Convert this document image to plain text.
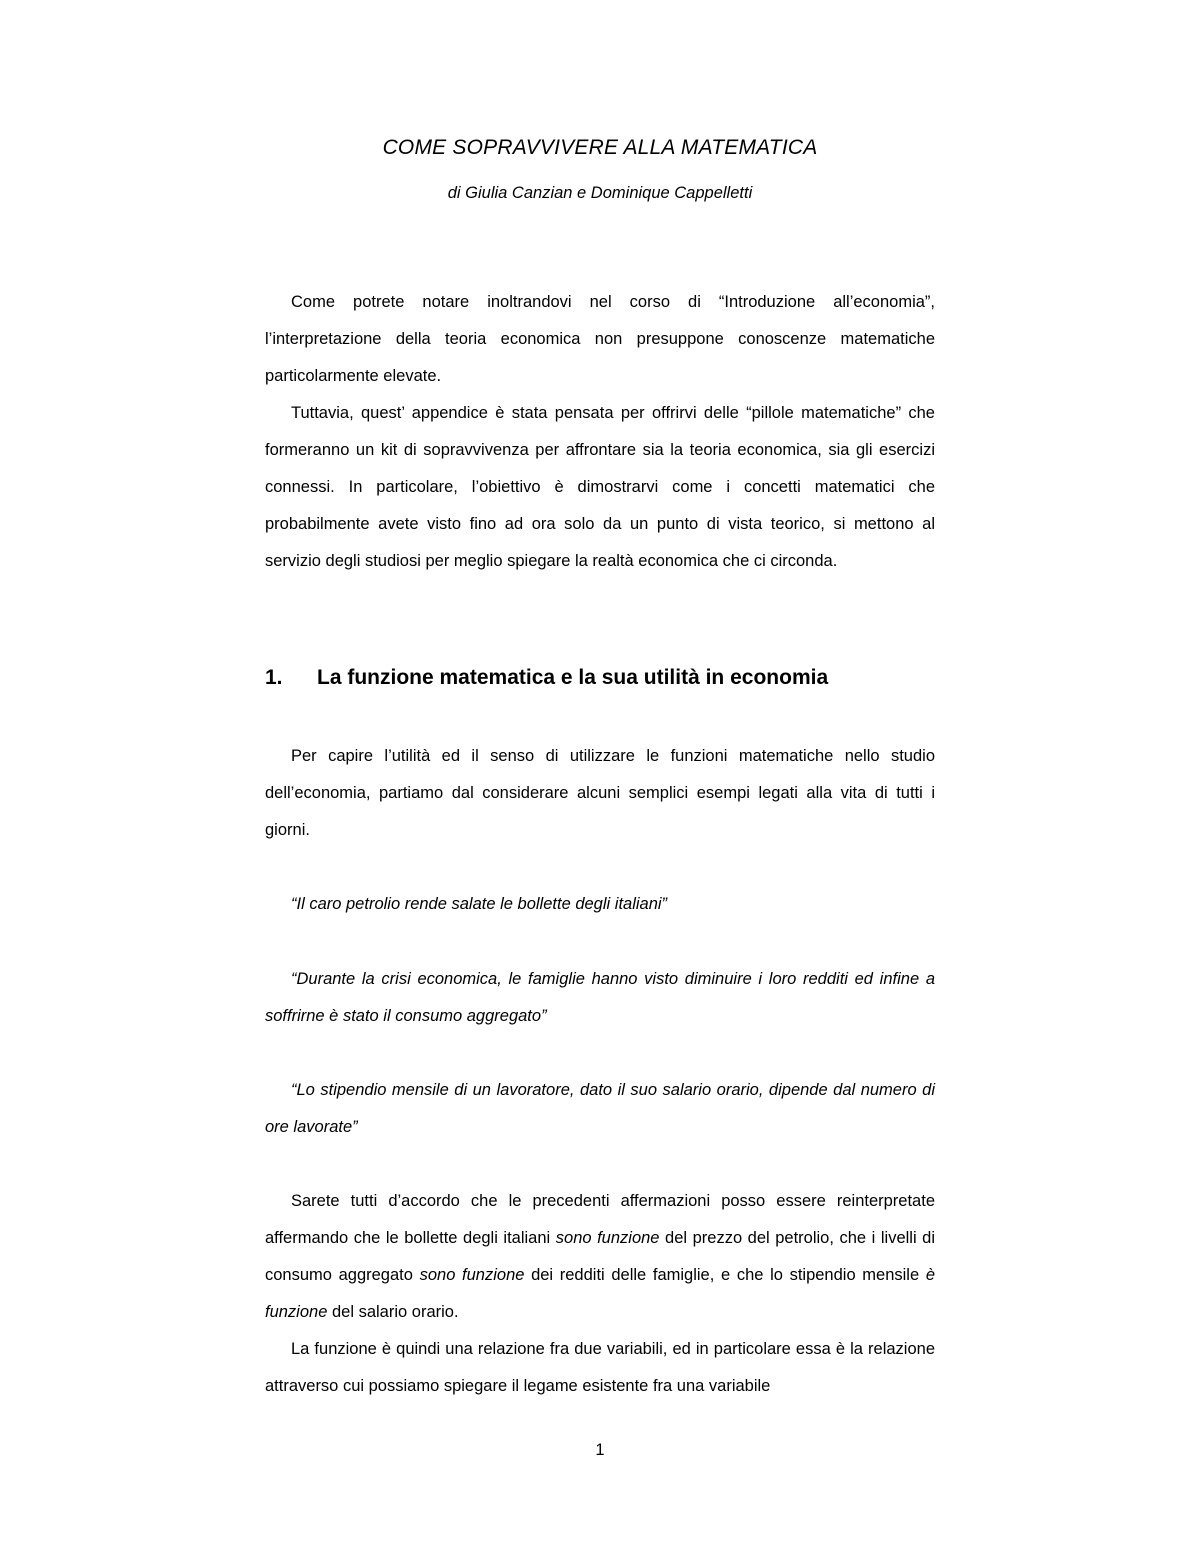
COME SOPRAVVIVERE ALLA MATEMATICA
di Giulia Canzian e Dominique Cappelletti

Come potrete notare inoltrandovi nel corso di “Introduzione all’economia”, l’interpretazione della teoria economica non presuppone conoscenze matematiche particolarmente elevate.

Tuttavia, quest’ appendice è stata pensata per offrirvi delle “pillole matematiche” che formeranno un kit di sopravvivenza per affrontare sia la teoria economica, sia gli esercizi connessi. In particolare, l’obiettivo è dimostrarvi come i concetti matematici che probabilmente avete visto fino ad ora solo da un punto di vista teorico, si mettono al servizio degli studiosi per meglio spiegare la realtà economica che ci circonda.

1. La funzione matematica e la sua utilità in economia

Per capire l’utilità ed il senso di utilizzare le funzioni matematiche nello studio dell’economia, partiamo dal considerare alcuni semplici esempi legati alla vita di tutti i giorni.

“Il caro petrolio rende salate le bollette degli italiani”

“Durante la crisi economica, le famiglie hanno visto diminuire i loro redditi ed infine a soffrirne è stato il consumo aggregato”

“Lo stipendio mensile di un lavoratore, dato il suo salario orario, dipende dal numero di ore lavorate”

Sarete tutti d’accordo che le precedenti affermazioni posso essere reinterpretate affermando che le bollette degli italiani sono funzione del prezzo del petrolio, che i livelli di consumo aggregato sono funzione dei redditi delle famiglie, e che lo stipendio mensile è funzione del salario orario.

La funzione è quindi una relazione fra due variabili, ed in particolare essa è la relazione attraverso cui possiamo spiegare il legame esistente fra una variabile

1
